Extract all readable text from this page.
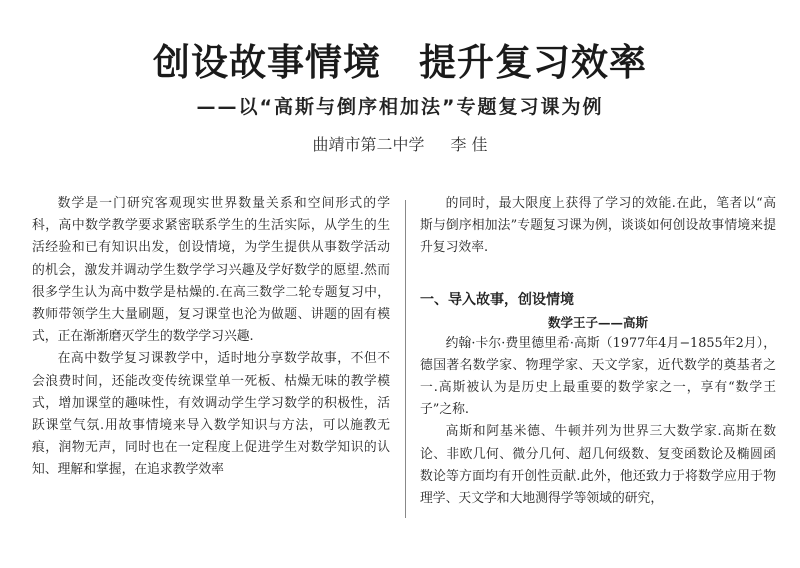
创设故事情境 提升复习效率
——以“高斯与倒序相加法”专题复习课为例
曲靖市第二中学 李 佳

数学是一门研究客观现实世界数量关系和空间形式的学科，高中数学教学要求紧密联系学生的生活实际，从学生的生活经验和已有知识出发，创设情境，为学生提供从事数学活动的机会，激发并调动学生数学学习兴趣及学好数学的愿望.然而很多学生认为高中数学是枯燥的.在高三数学二轮专题复习中，教师带领学生大量刷题，复习课堂也沦为做题、讲题的固有模式，正在渐渐磨灭学生的数学学习兴趣.

在高中数学复习课教学中，适时地分享数学故事，不但不会浪费时间，还能改变传统课堂单一死板、枯燥无味的教学模式，增加课堂的趣味性，有效调动学生学习数学的积极性，活跃课堂气氛.用故事情境来导入数学知识与方法，可以施教无痕，润物无声，同时也在一定程度上促进学生对数学知识的认知、理解和掌握，在追求教学效率

的同时，最大限度上获得了学习的效能.在此，笔者以“高斯与倒序相加法”专题复习课为例，谈谈如何创设故事情境来提升复习效率.

一、导入故事，创设情境
数学王子——高斯

约翰·卡尔·费里德里希·高斯（1977年4月−1855年2月），德国著名数学家、物理学家、天文学家，近代数学的奠基者之一.高斯被认为是历史上最重要的数学家之一，享有“数学王子”之称.

高斯和阿基米德、牛顿并列为世界三大数学家.高斯在数论、非欧几何、微分几何、超几何级数、复变函数论及椭圆函数论等方面均有开创性贡献.此外，他还致力于将数学应用于物理学、天文学和大地测得学等领域的研究，
